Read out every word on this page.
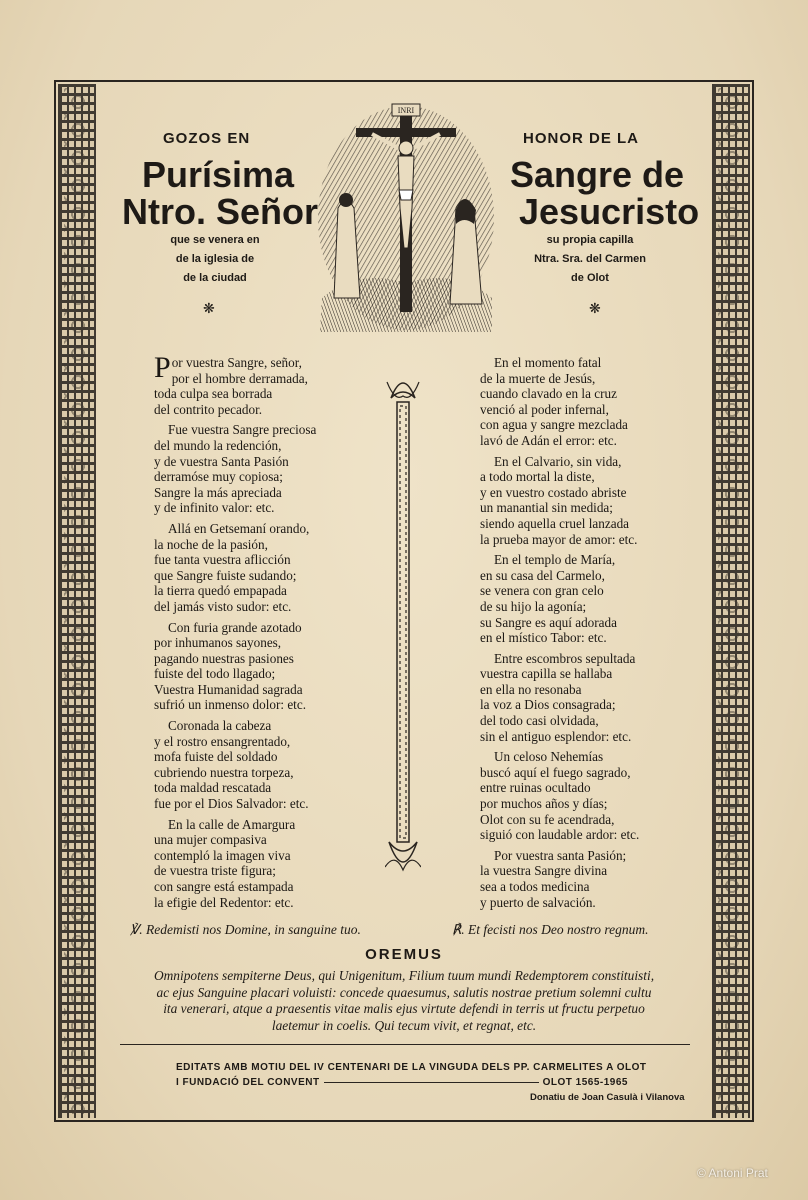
GOZOS EN	HONOR DE LA
Purísima
Ntro. Señor
Sangre de
Jesucristo
que se venera en
de la iglesia de
de la ciudad
su propia capilla
Ntra. Sra. del Carmen
de Olot
❋	❋
INRI
Por vuestra Sangre, señor,
por el hombre derramada,
toda culpa sea borrada
del contrito pecador.
Fue vuestra Sangre preciosa
del mundo la redención,
y de vuestra Santa Pasión
derramóse muy copiosa;
Sangre la más apreciada
y de infinito valor: etc.
Allá en Getsemaní orando,
la noche de la pasión,
fue tanta vuestra aflicción
que Sangre fuiste sudando;
la tierra quedó empapada
del jamás visto sudor: etc.
Con furia grande azotado
por inhumanos sayones,
pagando nuestras pasiones
fuiste del todo llagado;
Vuestra Humanidad sagrada
sufrió un inmenso dolor: etc.
Coronada la cabeza
y el rostro ensangrentado,
mofa fuiste del soldado
cubriendo nuestra torpeza,
toda maldad rescatada
fue por el Dios Salvador: etc.
En la calle de Amargura
una mujer compasiva
contempló la imagen viva
de vuestra triste figura;
con sangre está estampada
la efigie del Redentor: etc.
En el momento fatal
de la muerte de Jesús,
cuando clavado en la cruz
venció al poder infernal,
con agua y sangre mezclada
lavó de Adán el error: etc.
En el Calvario, sin vida,
a todo mortal la diste,
y en vuestro costado abriste
un manantial sin medida;
siendo aquella cruel lanzada
la prueba mayor de amor: etc.
En el templo de María,
en su casa del Carmelo,
se venera con gran celo
de su hijo la agonía;
su Sangre es aquí adorada
en el místico Tabor: etc.
Entre escombros sepultada
vuestra capilla se hallaba
en ella no resonaba
la voz a Dios consagrada;
del todo casi olvidada,
sin el antiguo esplendor: etc.
Un celoso Nehemías
buscó aquí el fuego sagrado,
entre ruinas ocultado
por muchos años y días;
Olot con su fe acendrada,
siguió con laudable ardor: etc.
Por vuestra santa Pasión;
la vuestra Sangre divina
sea a todos medicina
y puerto de salvación.
℣. Redemisti nos Domine, in sanguine tuo.	℟. Et fecisti nos Deo nostro regnum.
OREMUS
Omnipotens sempiterne Deus, qui Unigenitum, Filium tuum mundi Redemptorem constituisti,
ac ejus Sanguine placari voluisti: concede quaesumus, salutis nostrae pretium solemni cultu
ita venerari, atque a praesentis vitae malis ejus virtute defendi in terris ut fructu perpetuo
laetemur in coelis. Qui tecum vivit, et regnat, etc.
EDITATS AMB MOTIU DEL IV CENTENARI DE LA VINGUDA DELS PP. CARMELITES A OLOT
I FUNDACIÓ DEL CONVENT	OLOT 1565-1965
Donatiu de Joan Casulà i Vilanova
© Antoni Prat
